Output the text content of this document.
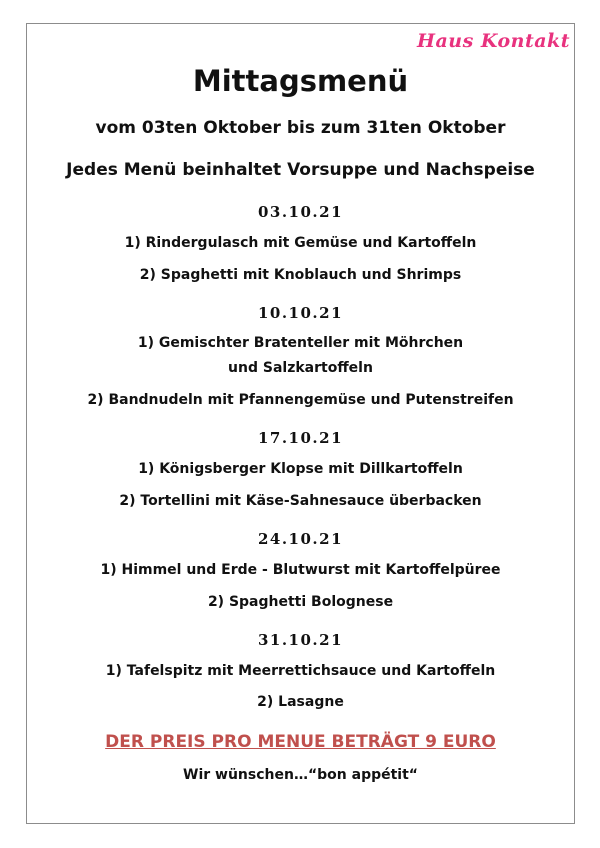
Haus Kontakt
Mittagsmenü
vom 03ten Oktober bis zum 31ten Oktober
Jedes Menü beinhaltet Vorsuppe und Nachspeise
03.10.21
1) Rindergulasch mit Gemüse und Kartoffeln
2) Spaghetti mit Knoblauch und Shrimps
10.10.21
1) Gemischter Bratenteller mit Möhrchen
und Salzkartoffeln
2) Bandnudeln mit Pfannengemüse und Putenstreifen
17.10.21
1) Königsberger Klopse mit Dillkartoffeln
2) Tortellini mit Käse-Sahnesauce überbacken
24.10.21
1) Himmel und Erde - Blutwurst mit Kartoffelpüree
2) Spaghetti Bolognese
31.10.21
1) Tafelspitz mit Meerrettichsauce und Kartoffeln
2) Lasagne
DER PREIS PRO MENUE BETRÄGT 9 EURO
Wir wünschen…“bon appétit“
